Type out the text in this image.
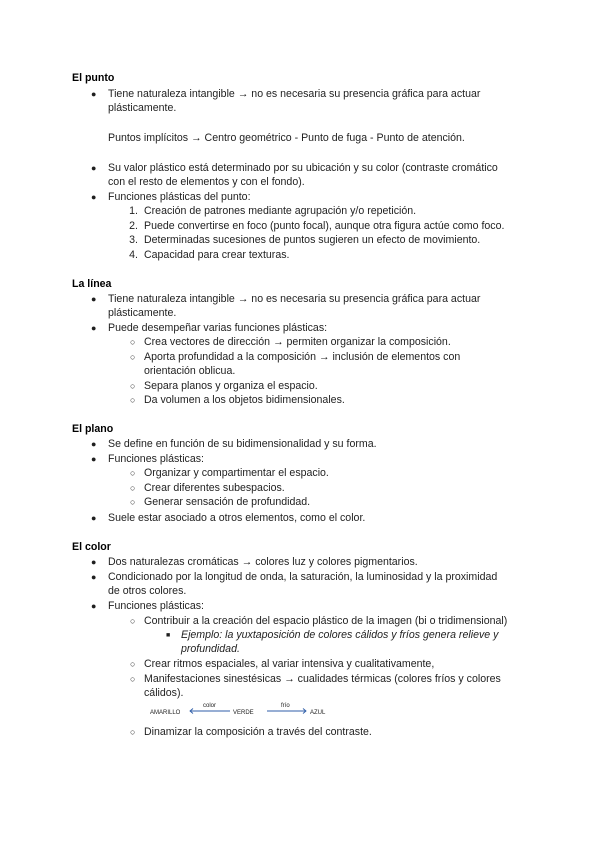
El punto
● Tiene naturaleza intangible → no es necesaria su presencia gráfica para actuar
plásticamente.
Puntos implícitos → Centro geométrico - Punto de fuga - Punto de atención.
● Su valor plástico está determinado por su ubicación y su color (contraste cromático
con el resto de elementos y con el fondo).
● Funciones plásticas del punto:
1. Creación de patrones mediante agrupación y/o repetición.
2. Puede convertirse en foco (punto focal), aunque otra figura actúe como foco.
3. Determinadas sucesiones de puntos sugieren un efecto de movimiento.
4. Capacidad para crear texturas.
La línea
● Tiene naturaleza intangible → no es necesaria su presencia gráfica para actuar
plásticamente.
● Puede desempeñar varias funciones plásticas:
○ Crea vectores de dirección → permiten organizar la composición.
○ Aporta profundidad a la composición → inclusión de elementos con
orientación oblicua.
○ Separa planos y organiza el espacio.
○ Da volumen a los objetos bidimensionales.
El plano
● Se define en función de su bidimensionalidad y su forma.
● Funciones plásticas:
○ Organizar y compartimentar el espacio.
○ Crear diferentes subespacios.
○ Generar sensación de profundidad.
● Suele estar asociado a otros elementos, como el color.
El color
● Dos naturalezas cromáticas → colores luz y colores pigmentarios.
● Condicionado por la longitud de onda, la saturación, la luminosidad y la proximidad
de otros colores.
● Funciones plásticas:
○ Contribuir a la creación del espacio plástico de la imagen (bi o tridimensional)
■ Ejemplo: la yuxtaposición de colores cálidos y fríos genera relieve y
profundidad.
○ Crear ritmos espaciales, al variar intensiva y cualitativamente,
○ Manifestaciones sinestésicas → cualidades térmicas (colores fríos y colores
cálidos).
AMARILLO
color
VERDE
frío
AZUL
○ Dinamizar la composición a través del contraste.
